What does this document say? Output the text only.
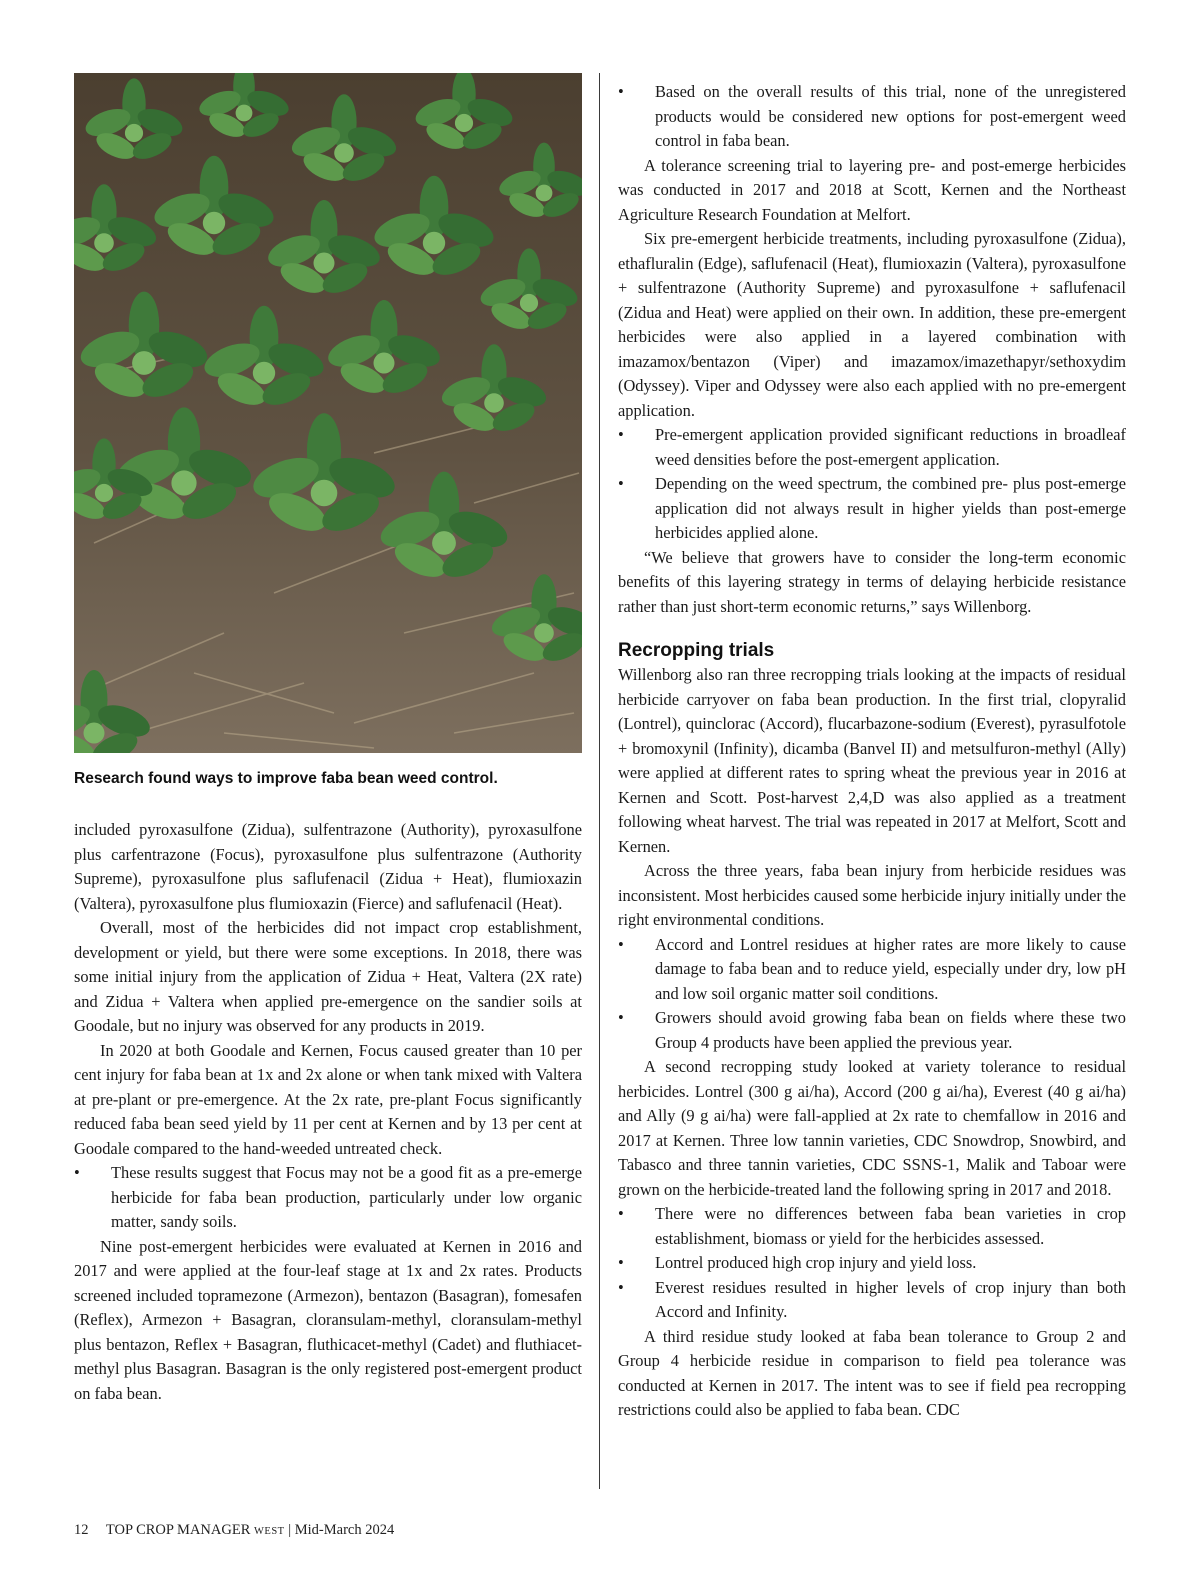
Research found ways to improve faba bean weed control.

included pyroxasulfone (Zidua), sulfentrazone (Authority), pyroxasulfone plus carfentrazone (Focus), pyroxasulfone plus sulfentrazone (Authority Supreme), pyroxasulfone plus saflufenacil (Zidua + Heat), flumioxazin (Valtera), pyroxasulfone plus flumioxazin (Fierce) and saflufenacil (Heat).

Overall, most of the herbicides did not impact crop establishment, development or yield, but there were some exceptions. In 2018, there was some initial injury from the application of Zidua + Heat, Valtera (2X rate) and Zidua + Valtera when applied pre-emergence on the sandier soils at Goodale, but no injury was observed for any products in 2019.

In 2020 at both Goodale and Kernen, Focus caused greater than 10 per cent injury for faba bean at 1x and 2x alone or when tank mixed with Valtera at pre-plant or pre-emergence. At the 2x rate, pre-plant Focus significantly reduced faba bean seed yield by 11 per cent at Kernen and by 13 per cent at Goodale compared to the hand-weeded untreated check.

• These results suggest that Focus may not be a good fit as a pre-emerge herbicide for faba bean production, particularly under low organic matter, sandy soils.

Nine post-emergent herbicides were evaluated at Kernen in 2016 and 2017 and were applied at the four-leaf stage at 1x and 2x rates. Products screened included topramezone (Armezon), bentazon (Basagran), fomesafen (Reflex), Armezon + Basagran, cloransulam-methyl, cloransulam-methyl plus bentazon, Reflex + Basagran, fluthicacet-methyl (Cadet) and fluthiacet-methyl plus Basagran. Basagran is the only registered post-emergent product on faba bean.

• Based on the overall results of this trial, none of the unregistered products would be considered new options for post-emergent weed control in faba bean.

A tolerance screening trial to layering pre- and post-emerge herbicides was conducted in 2017 and 2018 at Scott, Kernen and the Northeast Agriculture Research Foundation at Melfort.

Six pre-emergent herbicide treatments, including pyroxasulfone (Zidua), ethafluralin (Edge), saflufenacil (Heat), flumioxazin (Valtera), pyroxasulfone + sulfentrazone (Authority Supreme) and pyroxasulfone + saflufenacil (Zidua and Heat) were applied on their own. In addition, these pre-emergent herbicides were also applied in a layered combination with imazamox/bentazon (Viper) and imazamox/imazethapyr/sethoxydim (Odyssey). Viper and Odyssey were also each applied with no pre-emergent application.

• Pre-emergent application provided significant reductions in broadleaf weed densities before the post-emergent application.
• Depending on the weed spectrum, the combined pre- plus post-emerge application did not always result in higher yields than post-emerge herbicides applied alone.

“We believe that growers have to consider the long-term economic benefits of this layering strategy in terms of delaying herbicide resistance rather than just short-term economic returns,” says Willenborg.

Recropping trials

Willenborg also ran three recropping trials looking at the impacts of residual herbicide carryover on faba bean production. In the first trial, clopyralid (Lontrel), quinclorac (Accord), flucarbazone-sodium (Everest), pyrasulfotole + bromoxynil (Infinity), dicamba (Banvel II) and metsulfuron-methyl (Ally) were applied at different rates to spring wheat the previous year in 2016 at Kernen and Scott. Post-harvest 2,4,D was also applied as a treatment following wheat harvest. The trial was repeated in 2017 at Melfort, Scott and Kernen.

Across the three years, faba bean injury from herbicide residues was inconsistent. Most herbicides caused some herbicide injury initially under the right environmental conditions.

• Accord and Lontrel residues at higher rates are more likely to cause damage to faba bean and to reduce yield, especially under dry, low pH and low soil organic matter soil conditions.
• Growers should avoid growing faba bean on fields where these two Group 4 products have been applied the previous year.

A second recropping study looked at variety tolerance to residual herbicides. Lontrel (300 g ai/ha), Accord (200 g ai/ha), Everest (40 g ai/ha) and Ally (9 g ai/ha) were fall-applied at 2x rate to chemfallow in 2016 and 2017 at Kernen. Three low tannin varieties, CDC Snowdrop, Snowbird, and Tabasco and three tannin varieties, CDC SSNS-1, Malik and Taboar were grown on the herbicide-treated land the following spring in 2017 and 2018.

• There were no differences between faba bean varieties in crop establishment, biomass or yield for the herbicides assessed.
• Lontrel produced high crop injury and yield loss.
• Everest residues resulted in higher levels of crop injury than both Accord and Infinity.

A third residue study looked at faba bean tolerance to Group 2 and Group 4 herbicide residue in comparison to field pea tolerance was conducted at Kernen in 2017. The intent was to see if field pea recropping restrictions could also be applied to faba bean. CDC

12 TOP CROP MANAGER WEST | Mid-March 2024
